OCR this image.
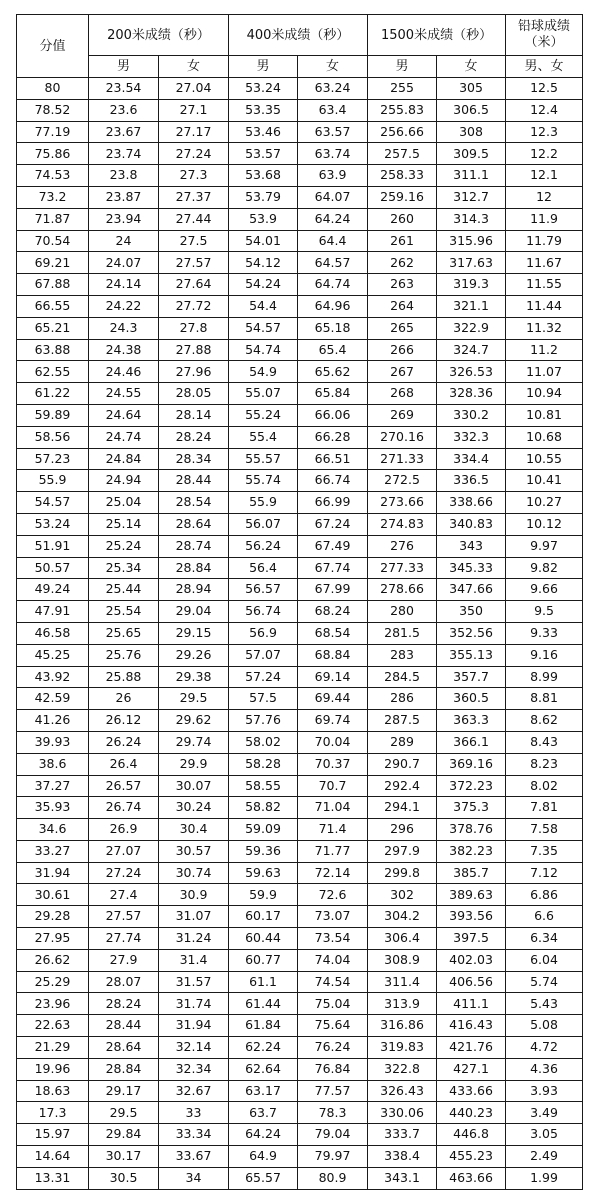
分值	200米成绩（秒）		400米成绩（秒）		1500米成绩（秒）		铅球成绩
（米）
	男	女	男	女	男	女	男、女
80	23.54	27.04	53.24	63.24	255	305	12.5
78.52	23.6	27.1	53.35	63.4	255.83	306.5	12.4
77.19	23.67	27.17	53.46	63.57	256.66	308	12.3
75.86	23.74	27.24	53.57	63.74	257.5	309.5	12.2
74.53	23.8	27.3	53.68	63.9	258.33	311.1	12.1
73.2	23.87	27.37	53.79	64.07	259.16	312.7	12
71.87	23.94	27.44	53.9	64.24	260	314.3	11.9
70.54	24	27.5	54.01	64.4	261	315.96	11.79
69.21	24.07	27.57	54.12	64.57	262	317.63	11.67
67.88	24.14	27.64	54.24	64.74	263	319.3	11.55
66.55	24.22	27.72	54.4	64.96	264	321.1	11.44
65.21	24.3	27.8	54.57	65.18	265	322.9	11.32
63.88	24.38	27.88	54.74	65.4	266	324.7	11.2
62.55	24.46	27.96	54.9	65.62	267	326.53	11.07
61.22	24.55	28.05	55.07	65.84	268	328.36	10.94
59.89	24.64	28.14	55.24	66.06	269	330.2	10.81
58.56	24.74	28.24	55.4	66.28	270.16	332.3	10.68
57.23	24.84	28.34	55.57	66.51	271.33	334.4	10.55
55.9	24.94	28.44	55.74	66.74	272.5	336.5	10.41
54.57	25.04	28.54	55.9	66.99	273.66	338.66	10.27
53.24	25.14	28.64	56.07	67.24	274.83	340.83	10.12
51.91	25.24	28.74	56.24	67.49	276	343	9.97
50.57	25.34	28.84	56.4	67.74	277.33	345.33	9.82
49.24	25.44	28.94	56.57	67.99	278.66	347.66	9.66
47.91	25.54	29.04	56.74	68.24	280	350	9.5
46.58	25.65	29.15	56.9	68.54	281.5	352.56	9.33
45.25	25.76	29.26	57.07	68.84	283	355.13	9.16
43.92	25.88	29.38	57.24	69.14	284.5	357.7	8.99
42.59	26	29.5	57.5	69.44	286	360.5	8.81
41.26	26.12	29.62	57.76	69.74	287.5	363.3	8.62
39.93	26.24	29.74	58.02	70.04	289	366.1	8.43
38.6	26.4	29.9	58.28	70.37	290.7	369.16	8.23
37.27	26.57	30.07	58.55	70.7	292.4	372.23	8.02
35.93	26.74	30.24	58.82	71.04	294.1	375.3	7.81
34.6	26.9	30.4	59.09	71.4	296	378.76	7.58
33.27	27.07	30.57	59.36	71.77	297.9	382.23	7.35
31.94	27.24	30.74	59.63	72.14	299.8	385.7	7.12
30.61	27.4	30.9	59.9	72.6	302	389.63	6.86
29.28	27.57	31.07	60.17	73.07	304.2	393.56	6.6
27.95	27.74	31.24	60.44	73.54	306.4	397.5	6.34
26.62	27.9	31.4	60.77	74.04	308.9	402.03	6.04
25.29	28.07	31.57	61.1	74.54	311.4	406.56	5.74
23.96	28.24	31.74	61.44	75.04	313.9	411.1	5.43
22.63	28.44	31.94	61.84	75.64	316.86	416.43	5.08
21.29	28.64	32.14	62.24	76.24	319.83	421.76	4.72
19.96	28.84	32.34	62.64	76.84	322.8	427.1	4.36
18.63	29.17	32.67	63.17	77.57	326.43	433.66	3.93
17.3	29.5	33	63.7	78.3	330.06	440.23	3.49
15.97	29.84	33.34	64.24	79.04	333.7	446.8	3.05
14.64	30.17	33.67	64.9	79.97	338.4	455.23	2.49
13.31	30.5	34	65.57	80.9	343.1	463.66	1.99
